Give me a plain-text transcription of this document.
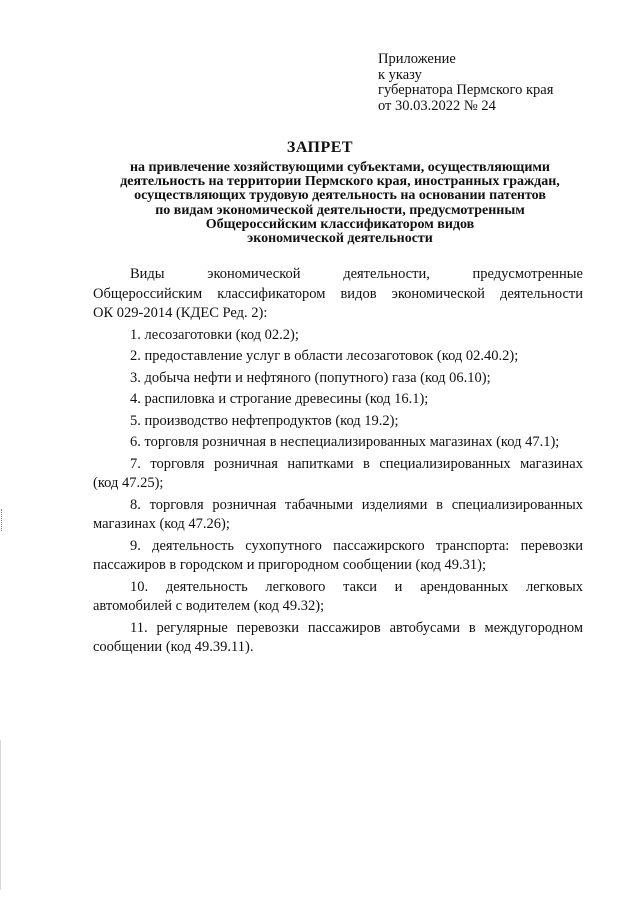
Приложение
к указу
губернатора Пермского края
от 30.03.2022 № 24
ЗАПРЕТ
на привлечение хозяйствующими субъектами, осуществляющими
деятельность на территории Пермского края, иностранных граждан,
осуществляющих трудовую деятельность на основании патентов
по видам экономической деятельности, предусмотренным
Общероссийским классификатором видов
экономической деятельности
Виды	экономической	деятельности,	предусмотренные
Общероссийским классификатором видов экономической деятельности
ОК 029-2014 (КДЕС Ред. 2):
1. лесозаготовки (код 02.2);
2. предоставление услуг в области лесозаготовок (код 02.40.2);
3. добыча нефти и нефтяного (попутного) газа (код 06.10);
4. распиловка и строгание древесины (код 16.1);
5. производство нефтепродуктов (код 19.2);
6. торговля розничная в неспециализированных магазинах (код 47.1);
7. торговля розничная напитками в специализированных магазинах
(код 47.25);
8. торговля розничная табачными изделиями в специализированных
магазинах (код 47.26);
9. деятельность сухопутного пассажирского транспорта: перевозки
пассажиров в городском и пригородном сообщении (код 49.31);
10. деятельность легкового такси и арендованных легковых
автомобилей с водителем (код 49.32);
11. регулярные перевозки пассажиров автобусами в междугородном
сообщении (код 49.39.11).
